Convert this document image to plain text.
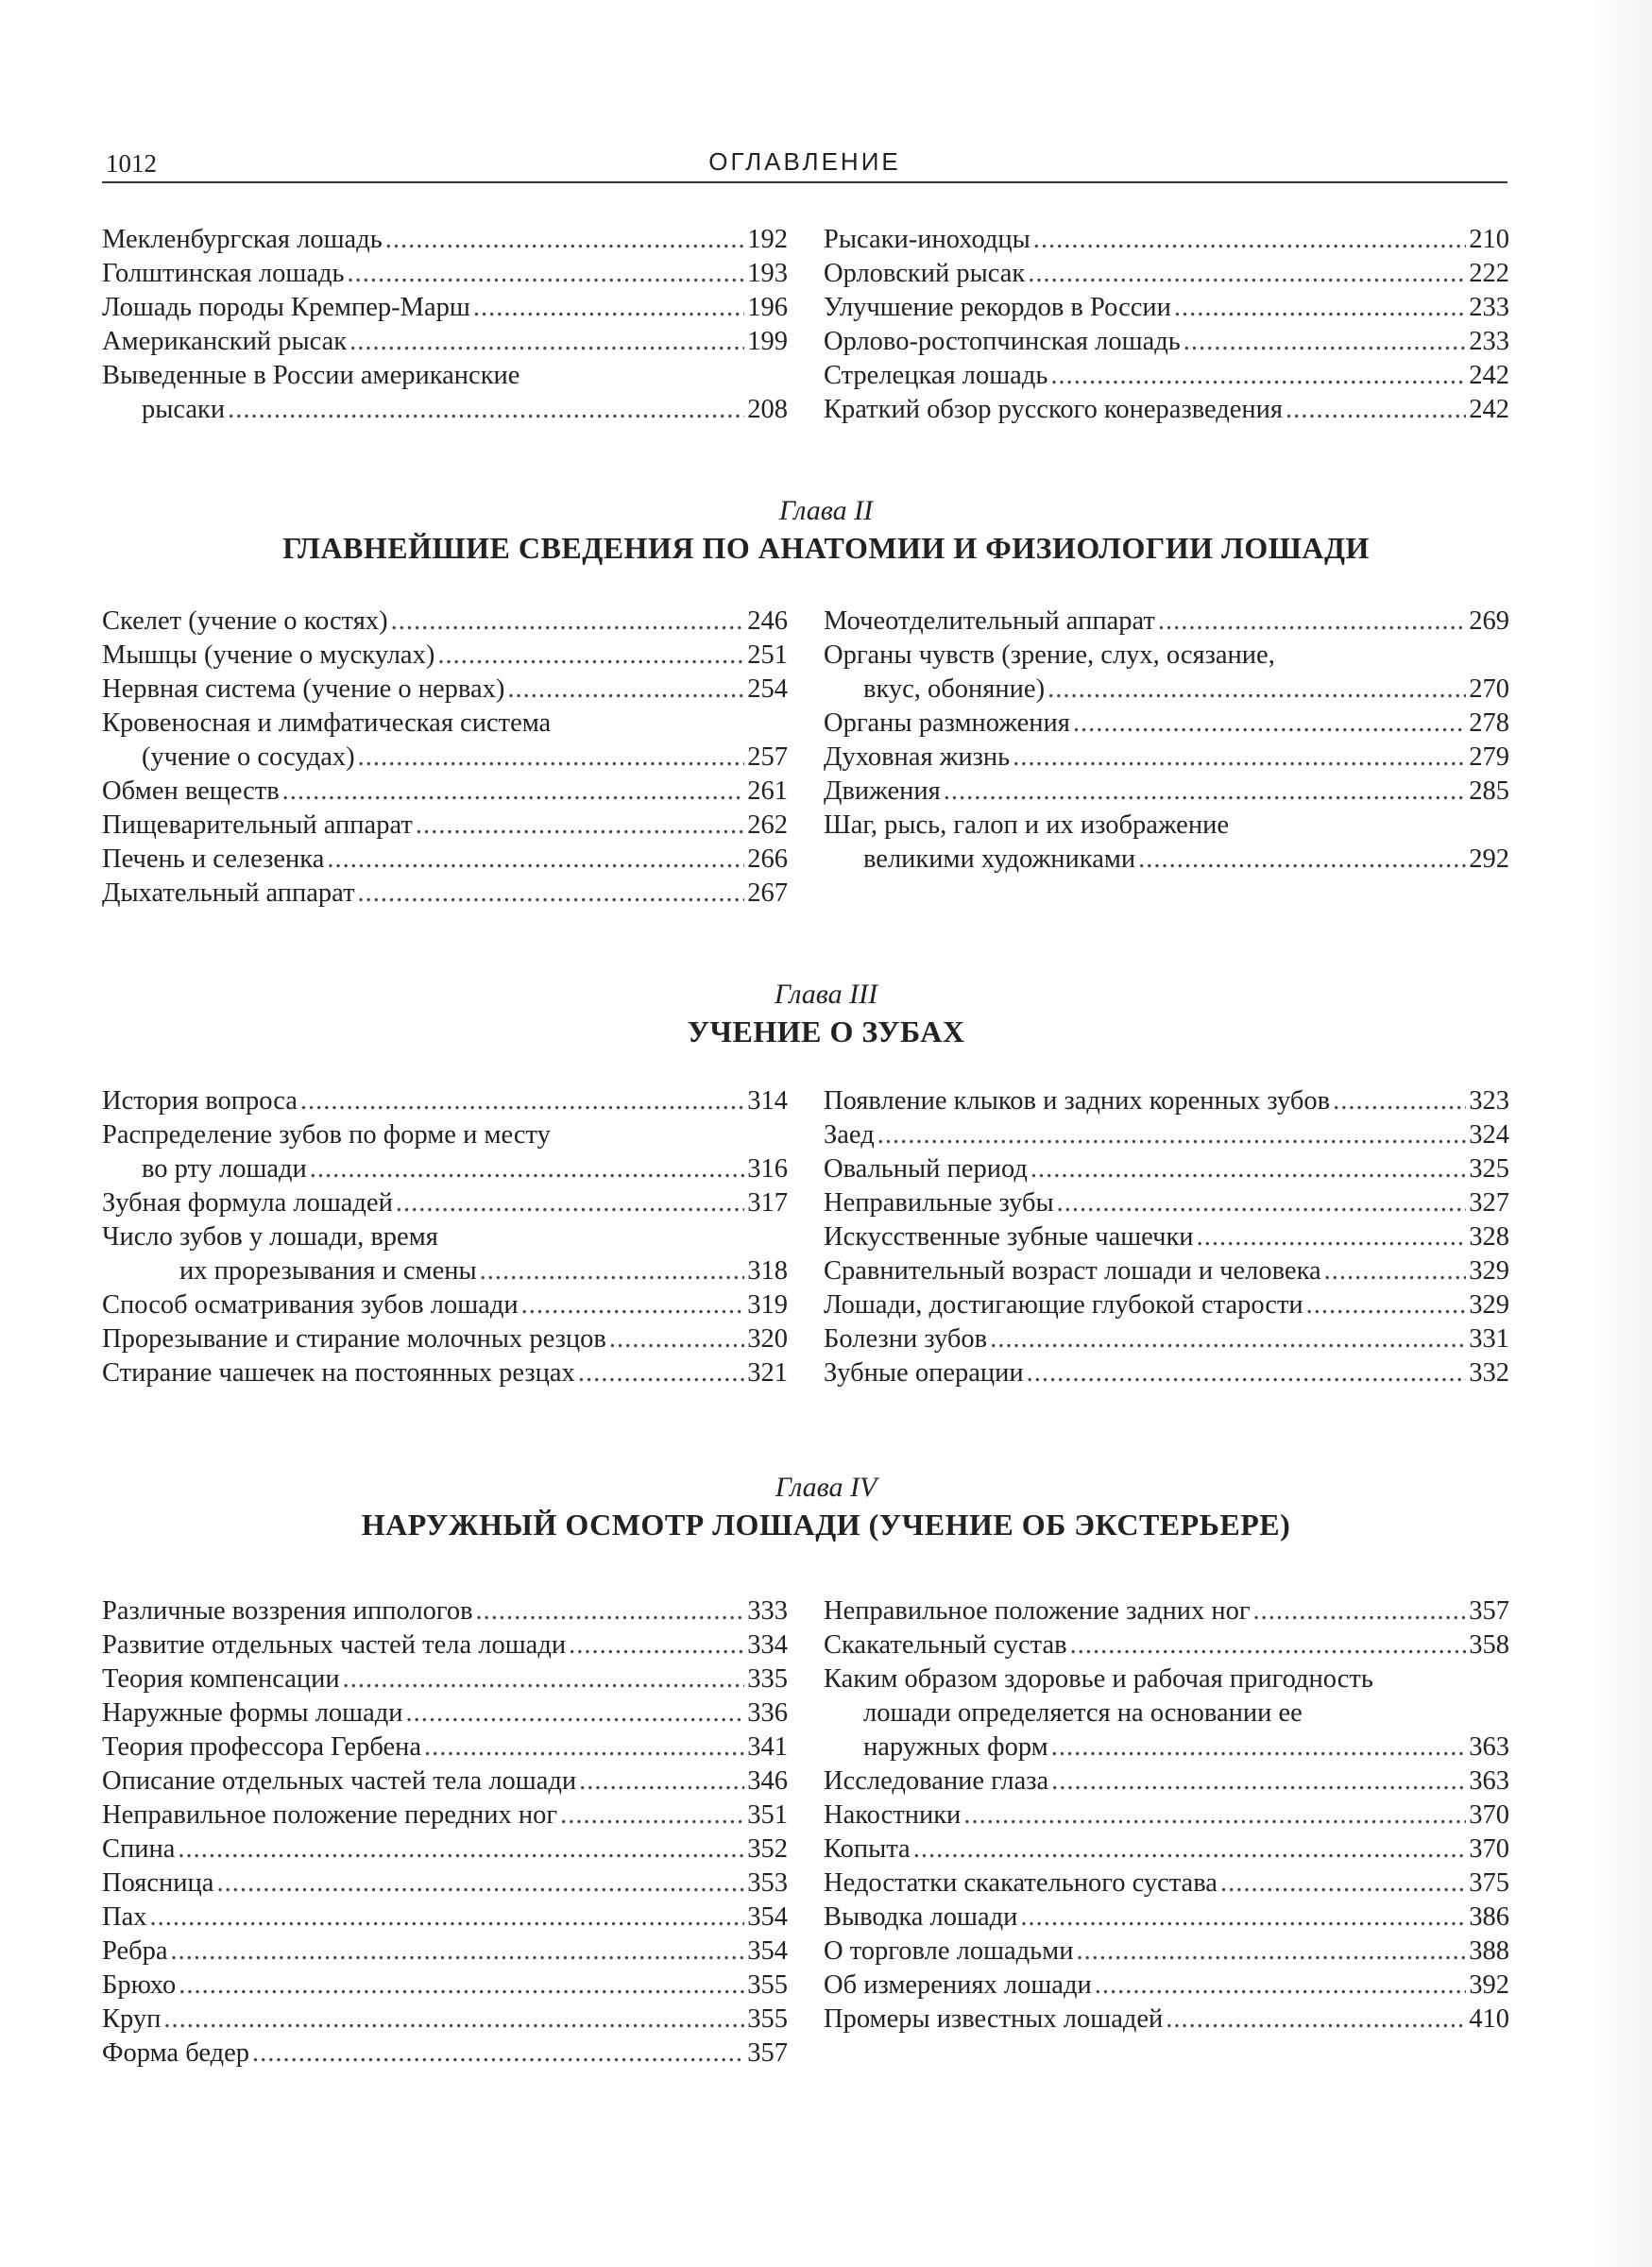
1012	ОГЛАВЛЕНИЕ
Мекленбургская лошадь .....	192
Голштинская лошадь .....	193
Лошадь породы Кремпер-Марш .....	196
Американский рысак .....	199
Выведенные в России американские
рысаки .....	208
Рысаки-иноходцы .....	210
Орловский рысак .....	222
Улучшение рекордов в России .....	233
Орлово-ростопчинская лошадь .....	233
Стрелецкая лошадь .....	242
Краткий обзор русского конеразведения .....	242
Глава II
ГЛАВНЕЙШИЕ СВЕДЕНИЯ ПО АНАТОМИИ И ФИЗИОЛОГИИ ЛОШАДИ
Скелет (учение о костях) .....	246
Мышцы (учение о мускулах) .....	251
Нервная система (учение о нервах) .....	254
Кровеносная и лимфатическая система
(учение о сосудах) .....	257
Обмен веществ .....	261
Пищеварительный аппарат .....	262
Печень и селезенка .....	266
Дыхательный аппарат .....	267
Мочеотделительный аппарат .....	269
Органы чувств (зрение, слух, осязание,
вкус, обоняние) .....	270
Органы размножения .....	278
Духовная жизнь .....	279
Движения .....	285
Шаг, рысь, галоп и их изображение
великими художниками .....	292
Глава III
УЧЕНИЕ О ЗУБАХ
История вопроса .....	314
Распределение зубов по форме и месту
во рту лошади .....	316
Зубная формула лошадей .....	317
Число зубов у лошади, время
их прорезывания и смены .....	318
Способ осматривания зубов лошади .....	319
Прорезывание и стирание молочных резцов .....	320
Стирание чашечек на постоянных резцах .....	321
Появление клыков и задних коренных зубов .....	323
Заед .....	324
Овальный период .....	325
Неправильные зубы .....	327
Искусственные зубные чашечки .....	328
Сравнительный возраст лошади и человека .....	329
Лошади, достигающие глубокой старости .....	329
Болезни зубов .....	331
Зубные операции .....	332
Глава IV
НАРУЖНЫЙ ОСМОТР ЛОШАДИ (УЧЕНИЕ ОБ ЭКСТЕРЬЕРЕ)
Различные воззрения иппологов .....	333
Развитие отдельных частей тела лошади .....	334
Теория компенсации .....	335
Наружные формы лошади .....	336
Теория профессора Гербена .....	341
Описание отдельных частей тела лошади .....	346
Неправильное положение передних ног .....	351
Спина .....	352
Поясница .....	353
Пах .....	354
Ребра .....	354
Брюхо .....	355
Круп .....	355
Форма бедер .....	357
Неправильное положение задних ног .....	357
Скакательный сустав .....	358
Каким образом здоровье и рабочая пригодность
лошади определяется на основании ее
наружных форм .....	363
Исследование глаза .....	363
Накостники .....	370
Копыта .....	370
Недостатки скакательного сустава .....	375
Выводка лошади .....	386
О торговле лошадьми .....	388
Об измерениях лошади .....	392
Промеры известных лошадей .....	410
